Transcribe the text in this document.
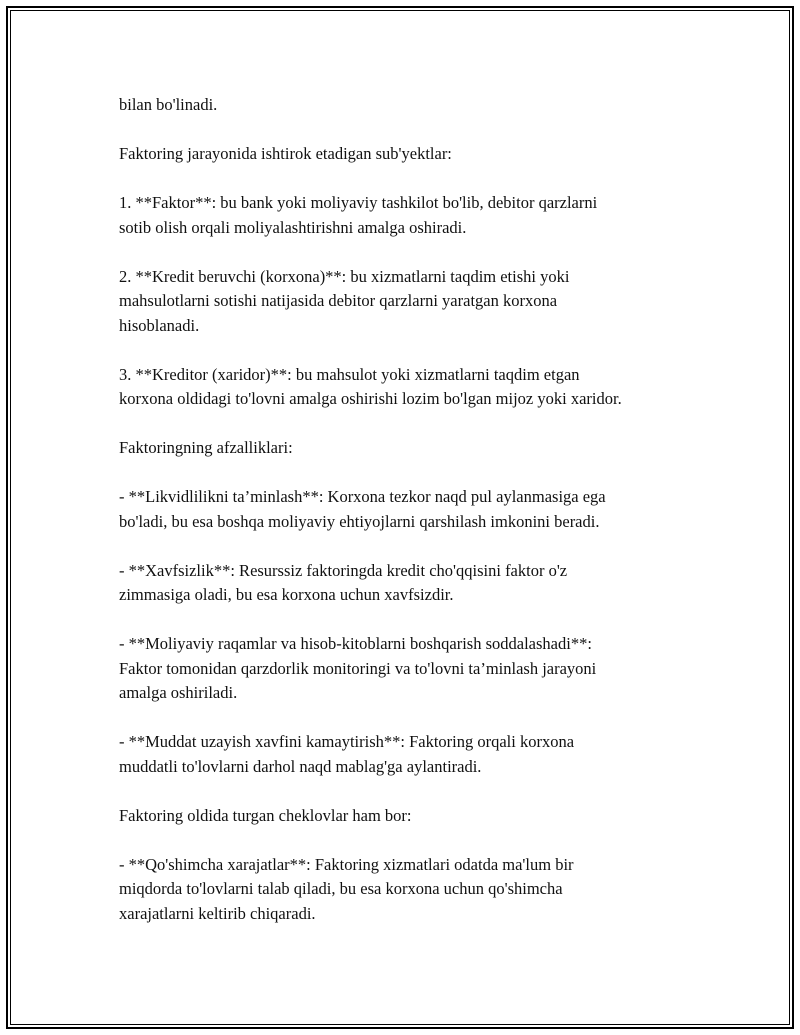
bilan bo'linadi.

Faktoring jarayonida ishtirok etadigan sub'yektlar:

1. **Faktor**: bu bank yoki moliyaviy tashkilot bo'lib, debitor qarzlarni
sotib olish orqali moliyalashtirishni amalga oshiradi.

2. **Kredit beruvchi (korxona)**: bu xizmatlarni taqdim etishi yoki
mahsulotlarni sotishi natijasida debitor qarzlarni yaratgan korxona
hisoblanadi.

3. **Kreditor (xaridor)**: bu mahsulot yoki xizmatlarni taqdim etgan
korxona oldidagi to'lovni amalga oshirishi lozim bo'lgan mijoz yoki xaridor.

Faktoringning afzalliklari:

- **Likvidlilikni ta’minlash**: Korxona tezkor naqd pul aylanmasiga ega
bo'ladi, bu esa boshqa moliyaviy ehtiyojlarni qarshilash imkonini beradi.

- **Xavfsizlik**: Resurssiz faktoringda kredit cho'qqisini faktor o'z
zimmasiga oladi, bu esa korxona uchun xavfsizdir.

- **Moliyaviy raqamlar va hisob-kitoblarni boshqarish soddalashadi**:
Faktor tomonidan qarzdorlik monitoringi va to'lovni ta’minlash jarayoni
amalga oshiriladi.

- **Muddat uzayish xavfini kamaytirish**: Faktoring orqali korxona
muddatli to'lovlarni darhol naqd mablag'ga aylantiradi.

Faktoring oldida turgan cheklovlar ham bor:

- **Qo'shimcha xarajatlar**: Faktoring xizmatlari odatda ma'lum bir
miqdorda to'lovlarni talab qiladi, bu esa korxona uchun qo'shimcha
xarajatlarni keltirib chiqaradi.
